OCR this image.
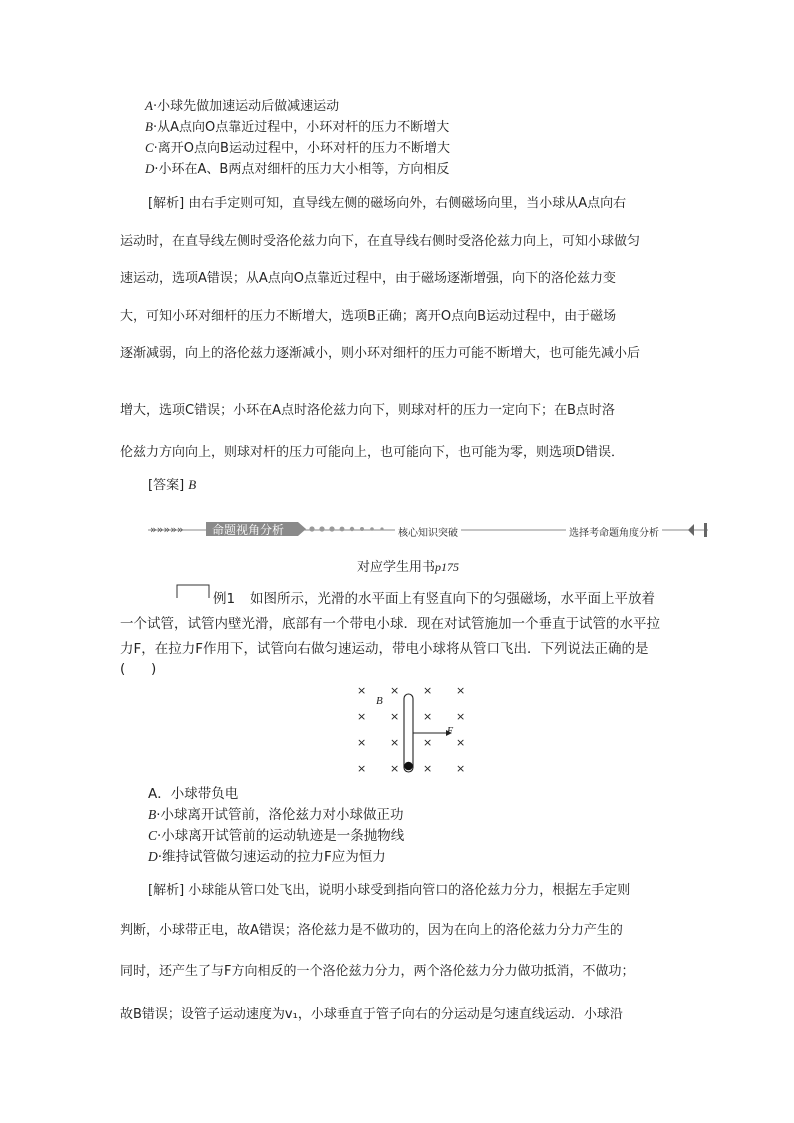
A·小球先做加速运动后做减速运动
B·从A点向O点靠近过程中，小环对杆的压力不断增大
C·离开O点向B运动过程中，小环对杆的压力不断增大
D·小环在A、B两点对细杆的压力大小相等，方向相反
[解析] 由右手定则可知，直导线左侧的磁场向外，右侧磁场向里，当小球从A点向右
运动时，在直导线左侧时受洛伦兹力向下，在直导线右侧时受洛伦兹力向上，可知小球做匀
速运动，选项A错误；从A点向O点靠近过程中，由于磁场逐渐增强，向下的洛伦兹力变
大，可知小环对细杆的压力不断增大，选项B正确；离开O点向B运动过程中，由于磁场
逐渐减弱，向上的洛伦兹力逐渐减小，则小环对细杆的压力可能不断增大，也可能先减小后
增大，选项C错误；小环在A点时洛伦兹力向下，则球对杆的压力一定向下；在B点时洛
伦兹力方向向上，则球对杆的压力可能向上，也可能向下，也可能为零，则选项D错误．
[答案] B
»»»»» 命题视角分析	核心知识突破	选择考命题角度分析
对应学生用书p175
例1 如图所示，光滑的水平面上有竖直向下的匀强磁场，水平面上平放着
一个试管，试管内壁光滑，底部有一个带电小球．现在对试管施加一个垂直于试管的水平拉
力F，在拉力F作用下，试管向右做匀速运动，带电小球将从管口飞出．下列说法正确的是
(      )
× × × ×
B
× × × ×
× × × ×
× × × ×
F
A．小球带负电
B·小球离开试管前，洛伦兹力对小球做正功
C·小球离开试管前的运动轨迹是一条抛物线
D·维持试管做匀速运动的拉力F应为恒力
[解析] 小球能从管口处飞出，说明小球受到指向管口的洛伦兹力分力，根据左手定则
判断，小球带正电，故A错误；洛伦兹力是不做功的，因为在向上的洛伦兹力分力产生的
同时，还产生了与F方向相反的一个洛伦兹力分力，两个洛伦兹力分力做功抵消，不做功；
故B错误；设管子运动速度为v₁，小球垂直于管子向右的分运动是匀速直线运动．小球沿
